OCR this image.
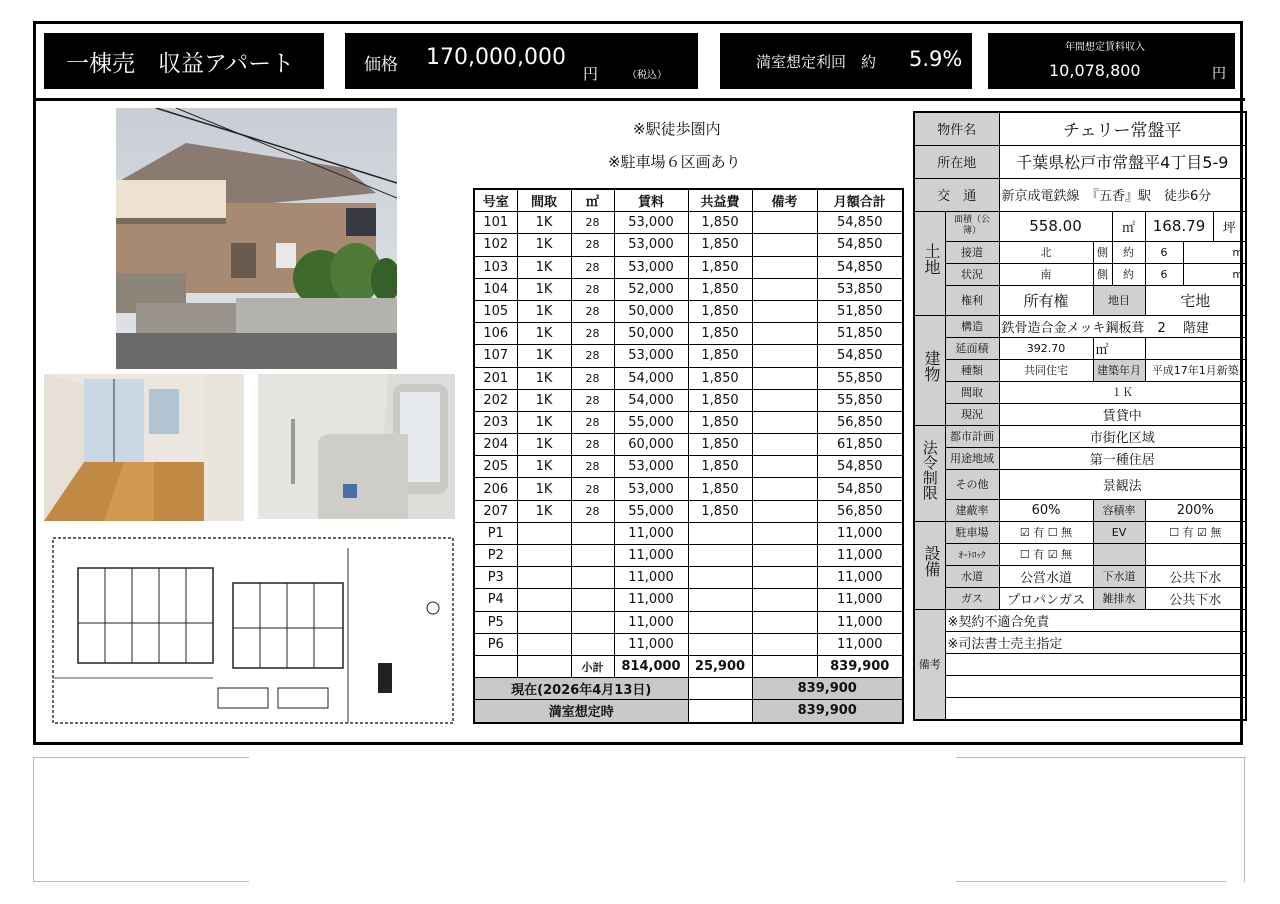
一棟売　収益アパート	価格 170,000,000
円	（税込）
満室想定利回　約 5.9%	年間想定賃料収入
10,078,800	円
※駅徒歩圏内
※駐車場６区画あり
号室	間取	㎡	賃料	共益費	備考	月額合計
101	1K	28	53,000	1,850		54,850
102	1K	28	53,000	1,850		54,850
103	1K	28	53,000	1,850		54,850
104	1K	28	52,000	1,850		53,850
105	1K	28	50,000	1,850		51,850
106	1K	28	50,000	1,850		51,850
107	1K	28	53,000	1,850		54,850
201	1K	28	54,000	1,850		55,850
202	1K	28	54,000	1,850		55,850
203	1K	28	55,000	1,850		56,850
204	1K	28	60,000	1,850		61,850
205	1K	28	53,000	1,850		54,850
206	1K	28	53,000	1,850		54,850
207	1K	28	55,000	1,850		56,850
P1			11,000			11,000
P2			11,000			11,000
P3			11,000			11,000
P4			11,000			11,000
P5			11,000			11,000
P6			11,000			11,000
		小計	814,000	25,900		839,900
現在(2026年4月13日)					839,900	
満室想定時					839,900	
物件名		チェリー常盤平					
所在地		千葉県松戸市常盤平4丁目5-9					
交　通		新京成電鉄線　『五香』駅　徒歩6分					
土地	面積（公簿）	558.00		㎡	168.79		坪
	接道	北	側	約	6	m	
	状況	南	側	約	6	m	
	権利	所有権	地目		宅地		
建物	構造	鉄骨造合金メッキ鋼板葺　2　 階建					
	延面積	392.70	㎡				
	種類	共同住宅	建築年月		平成17年1月新築		
	間取	１Ｋ					
	現況	賃貸中					
法令制限	都市計画	市街化区域					
	用途地域	第一種住居					
	その他	景観法					
	建蔽率	60%	容積率		200%		
設備	駐車場	☑ 有 ☐ 無	EV		☐ 有 ☑ 無		
	ｵｰﾄﾛｯｸ	☐ 有 ☑ 無					
	水道	公営水道	下水道		公共下水		
	ガス	プロパンガス	雑排水		公共下水		
備考	※契約不適合免責						
	※司法書士売主指定						
